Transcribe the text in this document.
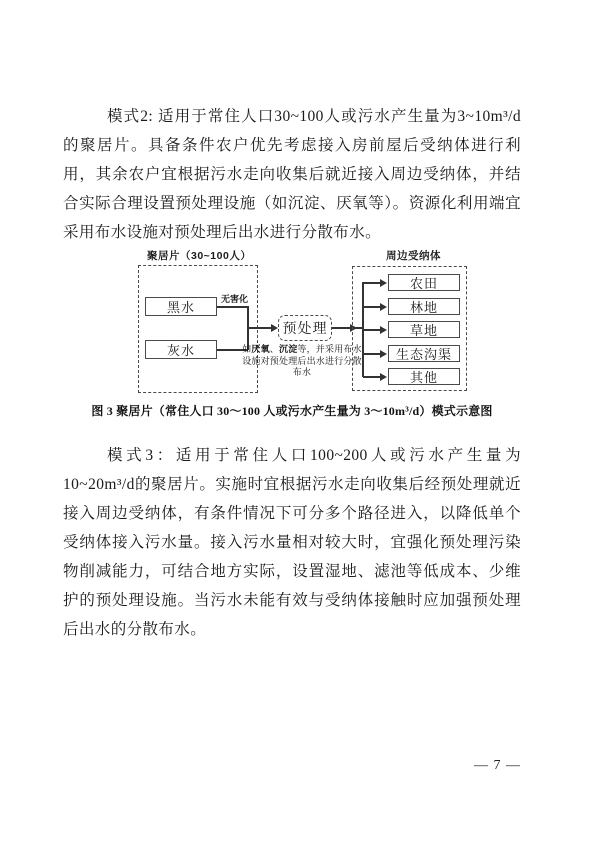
模式2: 适用于常住人口30~100人或污水产生量为3~10m³/d的聚居片。具备条件农户优先考虑接入房前屋后受纳体进行利用，其余农户宜根据污水走向收集后就近接入周边受纳体，并结合实际合理设置预处理设施（如沉淀、厌氧等）。资源化利用端宜采用布水设施对预处理后出水进行分散布水。

聚居片（30~100人）
黑水
灰水
无害化
预处理
如厌氧、沉淀等，并采用布水设施对预处理后出水进行分散布水
周边受纳体
农田
林地
草地
生态沟渠
其他
图 3 聚居片（常住人口 30～100 人或污水产生量为 3～10m³/d）模式示意图

模式3：适用于常住人口100~200人或污水产生量为10~20m³/d的聚居片。实施时宜根据污水走向收集后经预处理就近接入周边受纳体，有条件情况下可分多个路径进入，以降低单个受纳体接入污水量。接入污水量相对较大时，宜强化预处理污染物削减能力，可结合地方实际，设置湿地、滤池等低成本、少维护的预处理设施。当污水未能有效与受纳体接触时应加强预处理后出水的分散布水。

— 7 —
